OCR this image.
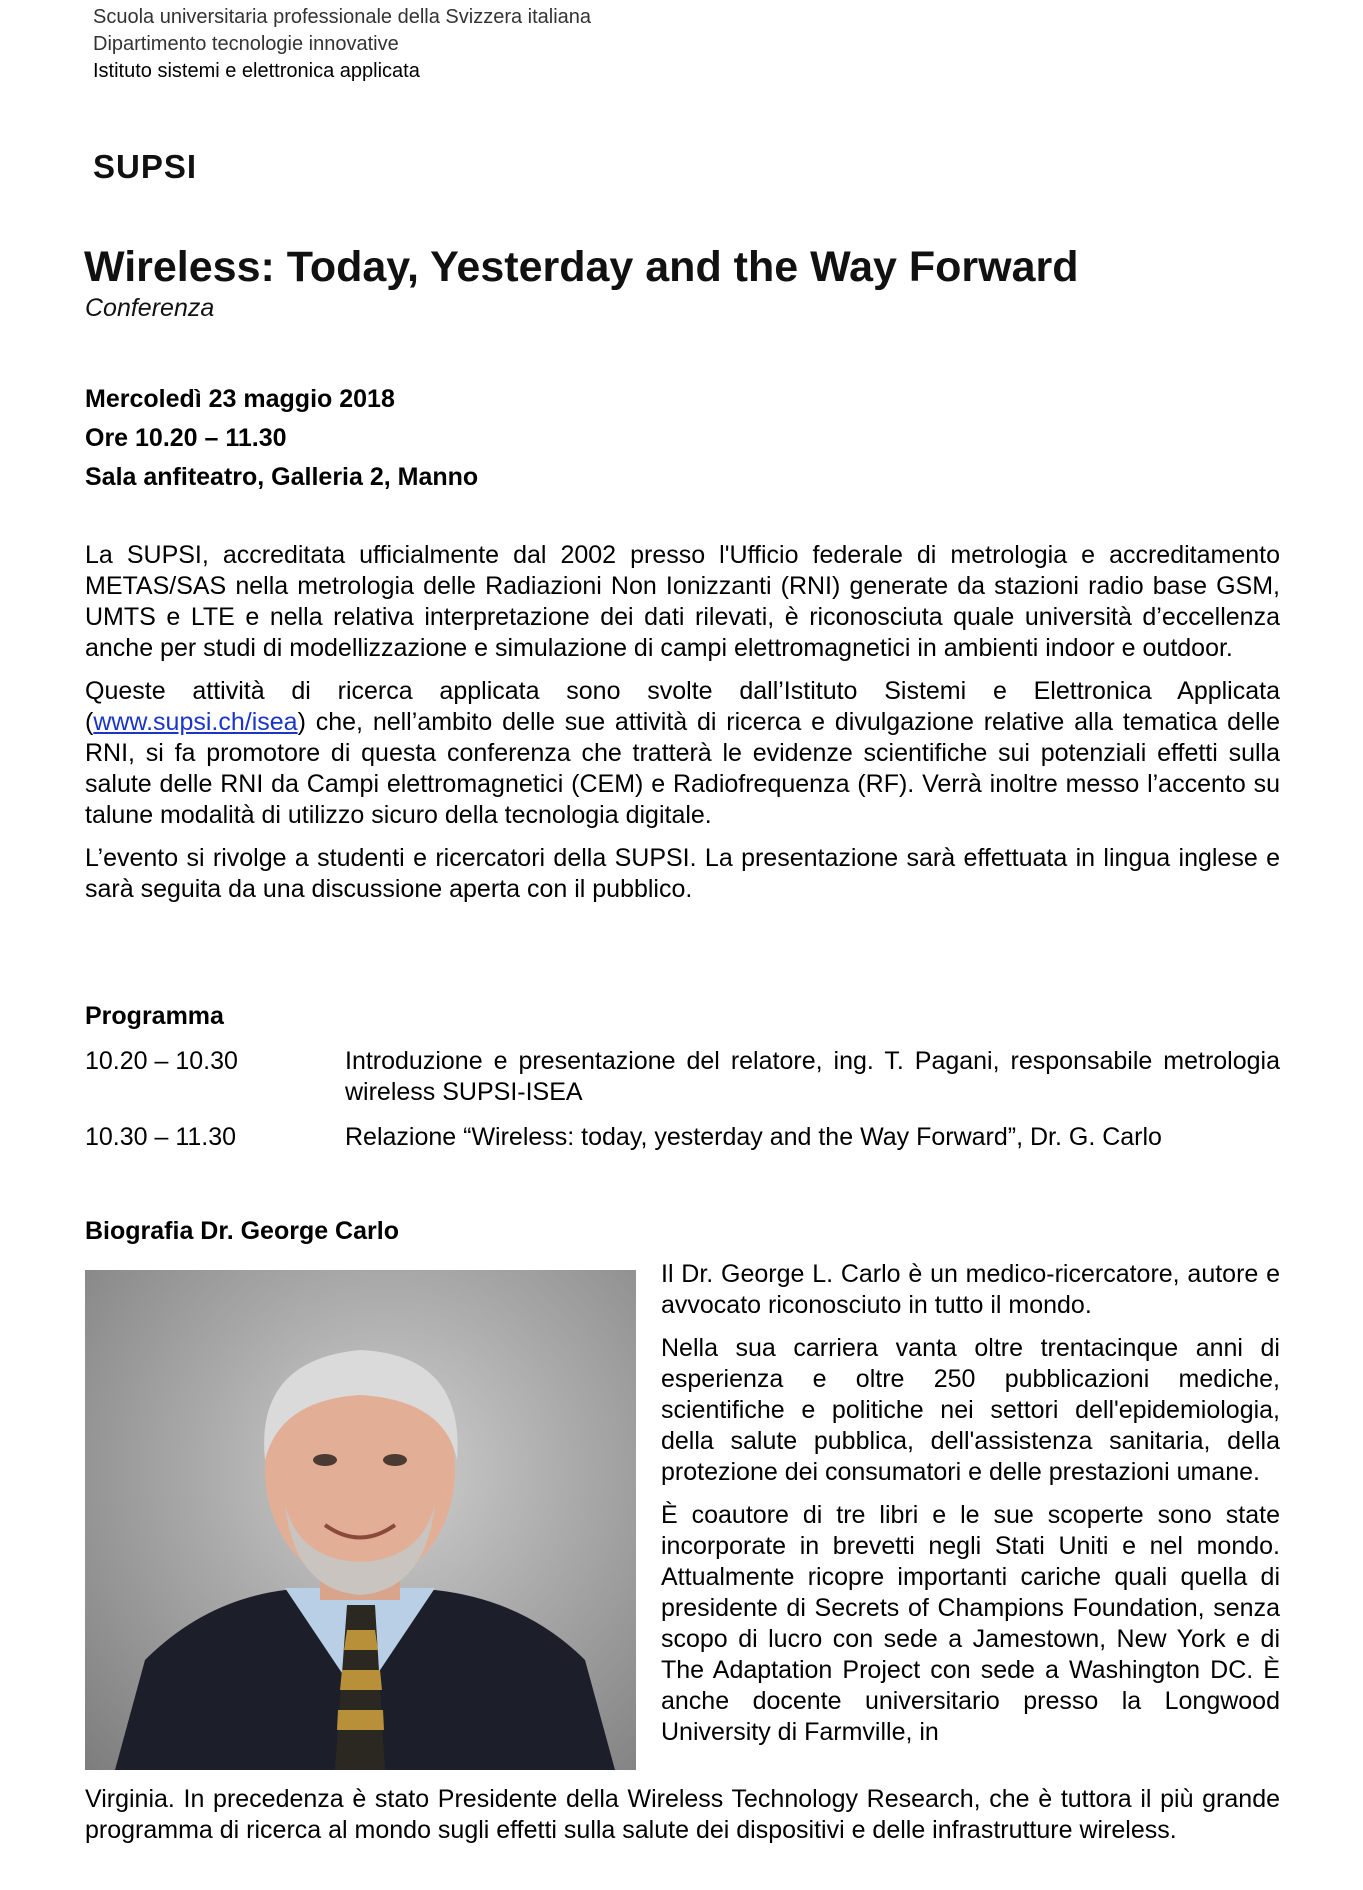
Scuola universitaria professionale della Svizzera italiana
Dipartimento tecnologie innovative
Istituto sistemi e elettronica applicata
SUPSI
Wireless: Today, Yesterday and the Way Forward
Conferenza
Mercoledì 23 maggio 2018
Ore 10.20 – 11.30
Sala anfiteatro, Galleria 2, Manno

La SUPSI, accreditata ufficialmente dal 2002 presso l'Ufficio federale di metrologia e accreditamento METAS/SAS nella metrologia delle Radiazioni Non Ionizzanti (RNI) generate da stazioni radio base GSM, UMTS e LTE e nella relativa interpretazione dei dati rilevati, è riconosciuta quale università d’eccellenza anche per studi di modellizzazione e simulazione di campi elettromagnetici in ambienti indoor e outdoor.

Queste attività di ricerca applicata sono svolte dall’Istituto Sistemi e Elettronica Applicata (www.supsi.ch/isea) che, nell’ambito delle sue attività di ricerca e divulgazione relative alla tematica delle RNI, si fa promotore di questa conferenza che tratterà le evidenze scientifiche sui potenziali effetti sulla salute delle RNI da Campi elettromagnetici (CEM) e Radiofrequenza (RF). Verrà inoltre messo l’accento su talune modalità di utilizzo sicuro della tecnologia digitale.

L’evento si rivolge a studenti e ricercatori della SUPSI. La presentazione sarà effettuata in lingua inglese e sarà seguita da una discussione aperta con il pubblico.

Programma
10.20 – 10.30	Introduzione e presentazione del relatore, ing. T. Pagani, responsabile metrologia wireless SUPSI-ISEA
10.30 – 11.30	Relazione “Wireless: today, yesterday and the Way Forward”, Dr. G. Carlo
Biografia Dr. George Carlo

Il Dr. George L. Carlo è un medico-ricercatore, autore e avvocato riconosciuto in tutto il mondo.

Nella sua carriera vanta oltre trentacinque anni di esperienza e oltre 250 pubblicazioni mediche, scientifiche e politiche nei settori dell'epidemiologia, della salute pubblica, dell'assistenza sanitaria, della protezione dei consumatori e delle prestazioni umane.

È coautore di tre libri e le sue scoperte sono state incorporate in brevetti negli Stati Uniti e nel mondo. Attualmente ricopre importanti cariche quali quella di presidente di Secrets of Champions Foundation, senza scopo di lucro con sede a Jamestown, New York e di The Adaptation Project con sede a Washington DC. È anche docente universitario presso la Longwood University di Farmville, in

Virginia. In precedenza è stato Presidente della Wireless Technology Research, che è tuttora il più grande programma di ricerca al mondo sugli effetti sulla salute dei dispositivi e delle infrastrutture wireless.
